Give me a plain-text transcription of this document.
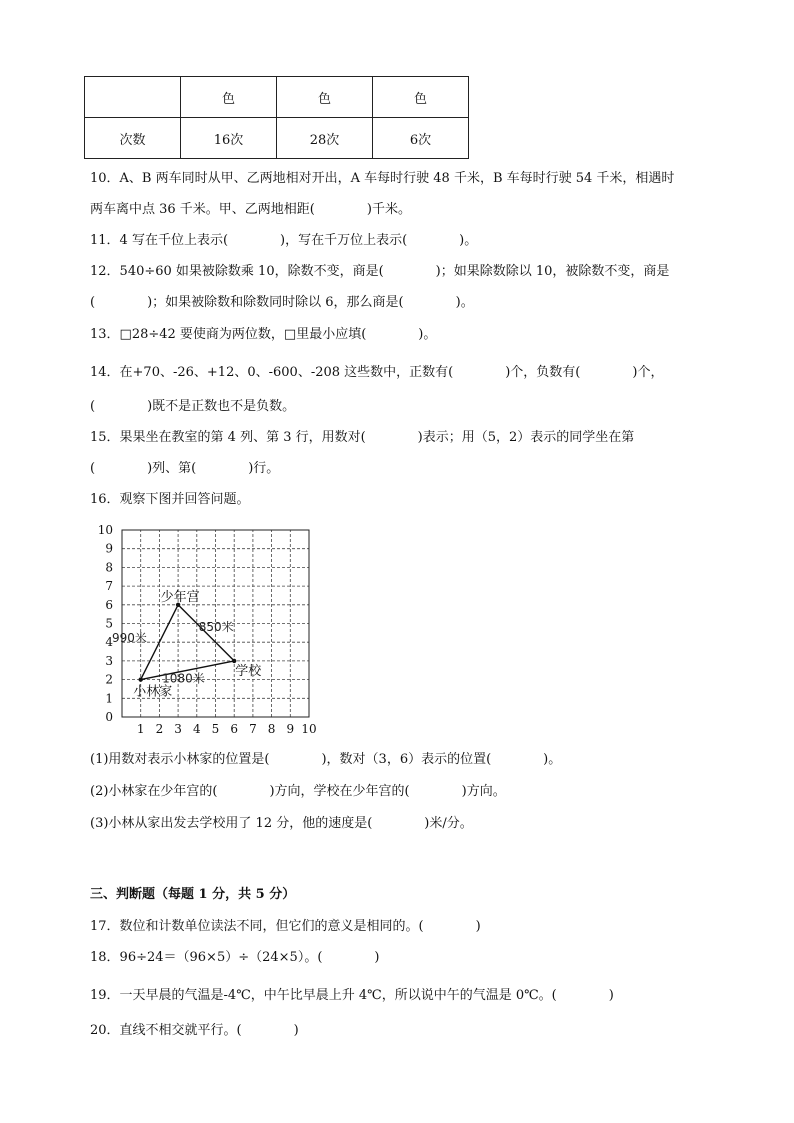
	色	色	色
次数	16次	28次	6次
10．A、B 两车同时从甲、乙两地相对开出，A 车每时行驶 48 千米，B 车每时行驶 54 千米，相遇时
两车离中点 36 千米。甲、乙两地相距(　　　　)千米。
11．4 写在千位上表示(　　　　)，写在千万位上表示(　　　　)。
12．540÷60 如果被除数乘 10，除数不变，商是(　　　　)；如果除数除以 10，被除数不变，商是
(　　　　)；如果被除数和除数同时除以 6，那么商是(　　　　)。
13．□28÷42 要使商为两位数，□里最小应填(　　　　)。
14．在+70、-26、+12、0、-600、-208 这些数中，正数有(　　　　)个，负数有(　　　　)个，
(　　　　)既不是正数也不是负数。
15．果果坐在教室的第 4 列、第 3 行，用数对(　　　　)表示；用（5，2）表示的同学坐在第
(　　　　)列、第(　　　　)行。
16．观察下图并回答问题。
1 2 3 4 5 6 7 8 9 10
0
1
2
3
4
5
6
7
8
9
10
990米
850米
1080米
小林家
少年宫
学校
(1)用数对表示小林家的位置是(　　　　)，数对（3，6）表示的位置(　　　　)。
(2)小林家在少年宫的(　　　　)方向，学校在少年宫的(　　　　)方向。
(3)小林从家出发去学校用了 12 分，他的速度是(　　　　)米/分。
三、判断题（每题 1 分，共 5 分）
17．数位和计数单位读法不同，但它们的意义是相同的。(　　　　)
18．96÷24＝（96×5）÷（24×5）。(　　　　)
19．一天早晨的气温是-4℃，中午比早晨上升 4℃，所以说中午的气温是 0℃。(　　　　)
20．直线不相交就平行。(　　　　)
